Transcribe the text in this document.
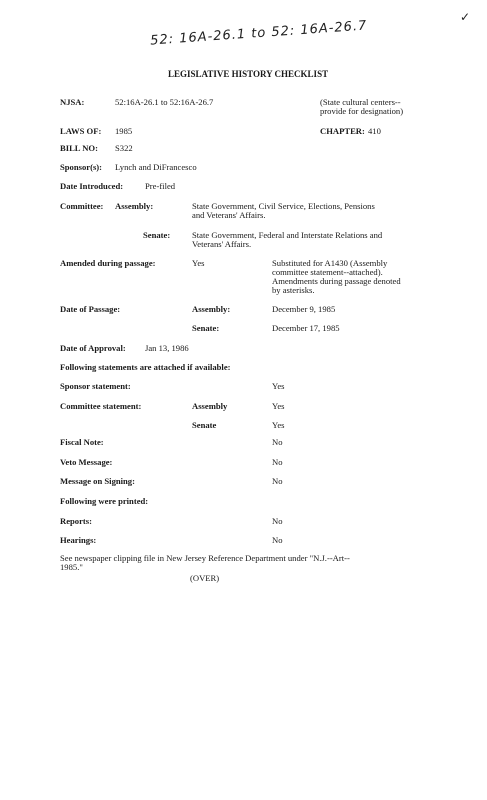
52: 16A-26.1 to 52: 16A-26.7
✓
LEGISLATIVE HISTORY CHECKLIST
NJSA:	52:16A-26.1 to 52:16A-26.7	(State cultural centers--
provide for designation)
LAWS OF: 1985	CHAPTER: 410
BILL NO: S322
Sponsor(s): Lynch and DiFrancesco
Date Introduced:	Pre-filed
Committee: Assembly:	State Government, Civil Service, Elections, Pensions
and Veterans' Affairs.
Senate:	State Government, Federal and Interstate Relations and
Veterans' Affairs.
Amended during passage:	Yes	Substituted for A1430 (Assembly
committee statement--attached).
Amendments during passage denoted
by asterisks.
Date of Passage:	Assembly:	December 9, 1985
Senate:	December 17, 1985
Date of Approval: Jan 13, 1986
Following statements are attached if available:
Sponsor statement:	Yes
Committee statement:	Assembly	Yes
Senate	Yes
Fiscal Note:	No
Veto Message:	No
Message on Signing:	No
Following were printed:
Reports:	No
Hearings:	No
See newspaper clipping file in New Jersey Reference Department under "N.J.--Art--
1985."
(OVER)
